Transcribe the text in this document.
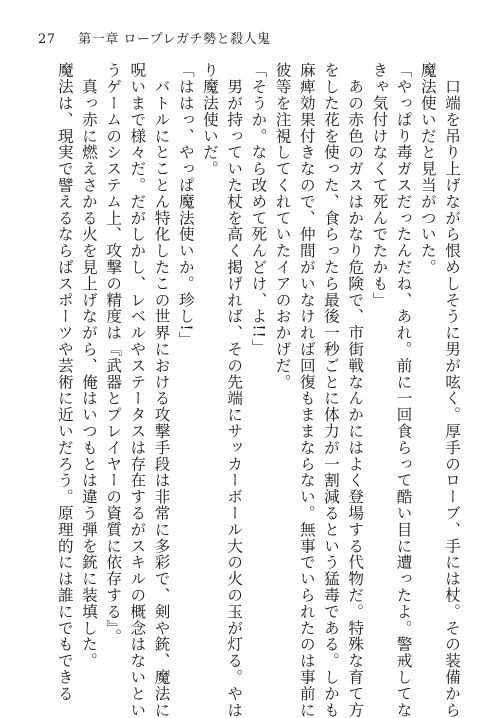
27 第一章 ロープレガチ勢と殺人鬼
口端を吊り上げながら恨めしそうに男が呟く。厚手のローブ、手には杖。その装備から
魔法使いだと見当がついた。
「やっぱり毒ガスだったんだね、あれ。前に一回食らって酷い目に遭ったよ。警戒してな
きゃ気付けなくて死んでたかも」
あの赤色のガスはかなり危険で、市街戦なんかにはよく登場する代物だ。特殊な育て方
をした花を使った、食らったら最後一秒ごとに体力が一割減るという猛毒である。しかも
麻痺効果付きなので、仲間がいなければ回復もままならない。無事でいられたのは事前に
彼等を注視してくれていたイアのおかげだ。
「そうか。なら改めて死んどけ、よ!!」
男が持っていた杖を高く掲げれば、その先端にサッカーボール大の火の玉が灯る。やは
り魔法使いだ。
「ははっ、やっぱ魔法使いか。珍し!」
バトルにとことん特化したこの世界における攻撃手段は非常に多彩で、剣や銃、魔法に
呪いまで様々だ。だがしかし、レベルやステータスは存在するがスキルの概念はないとい
うゲームのシステム上、攻撃の精度は『武器とプレイヤーの資質に依存する』。
真っ赤に燃えさかる火を見上げながら、俺はいつもとは違う弾を銃に装填した。
魔法は、現実で譬えるならばスポーツや芸術に近いだろう。原理的には誰にでもできる
